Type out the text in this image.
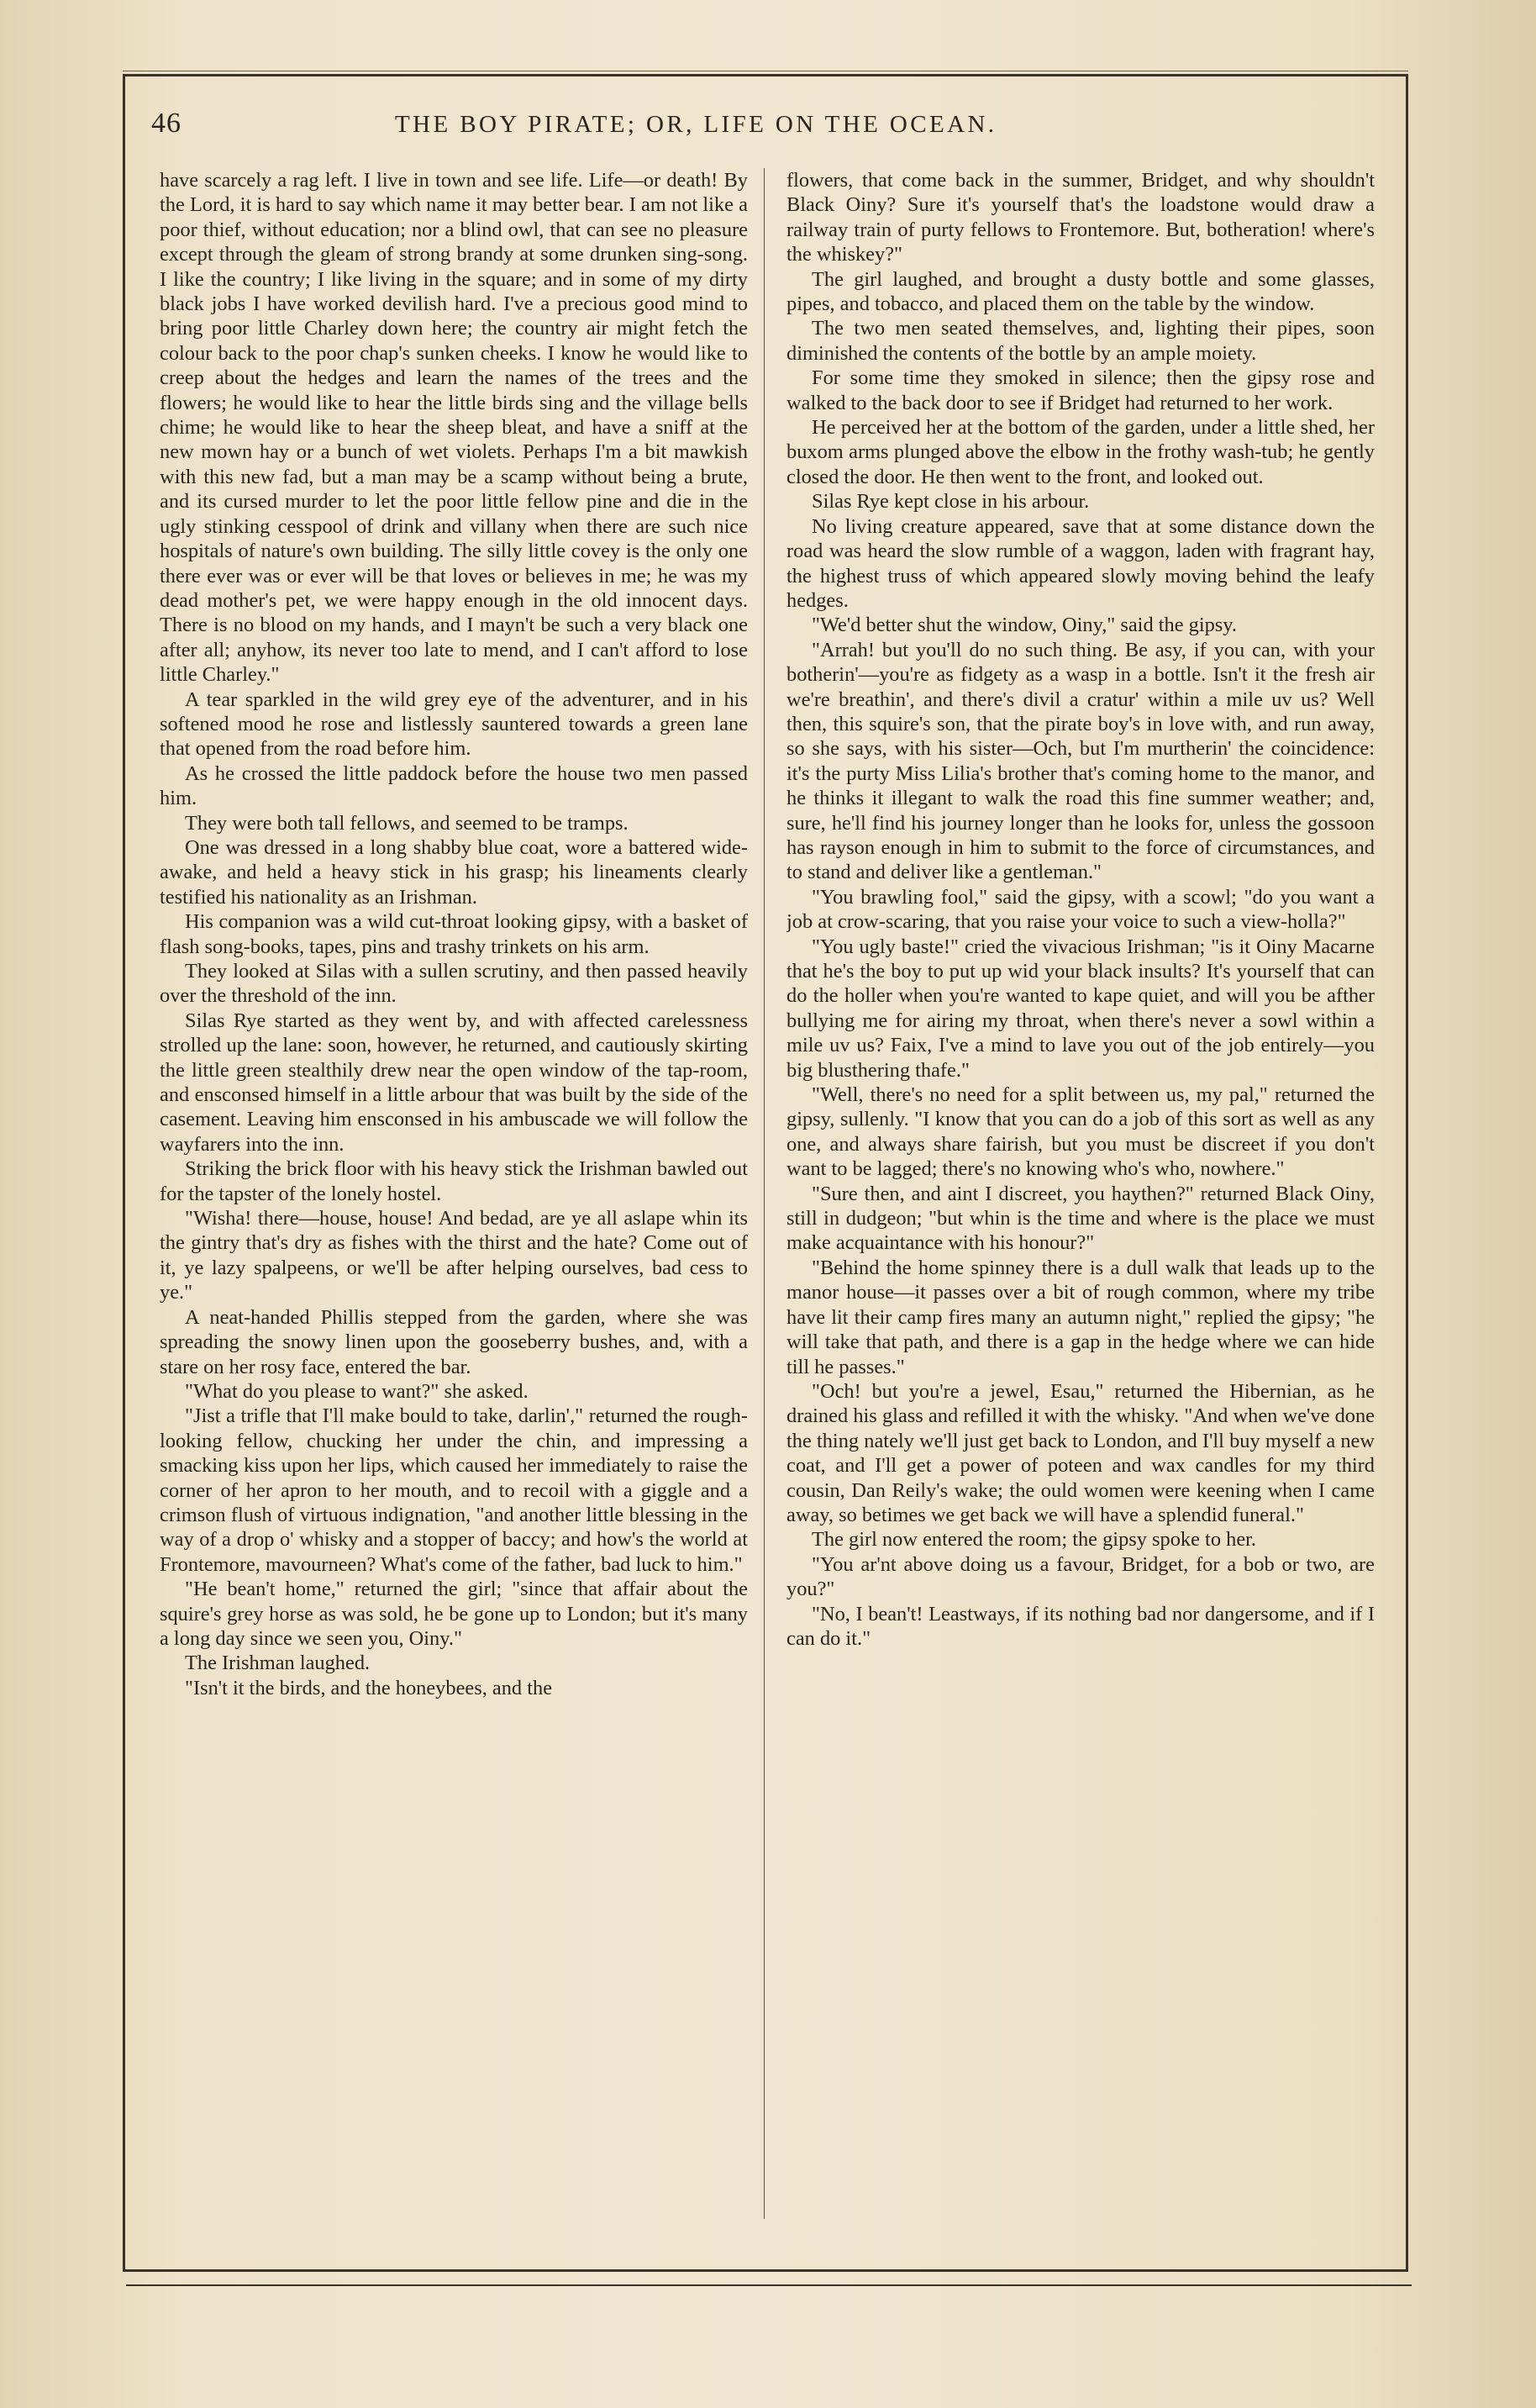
46	THE BOY PIRATE; OR, LIFE ON THE OCEAN.

have scarcely a rag left. I live in town and see life. Life—or death! By the Lord, it is hard to say which name it may better bear. I am not like a poor thief, without education; nor a blind owl, that can see no pleasure except through the gleam of strong brandy at some drunken sing-song. I like the country; I like living in the square; and in some of my dirty black jobs I have worked devilish hard. I've a precious good mind to bring poor little Charley down here; the country air might fetch the colour back to the poor chap's sunken cheeks. I know he would like to creep about the hedges and learn the names of the trees and the flowers; he would like to hear the little birds sing and the village bells chime; he would like to hear the sheep bleat, and have a sniff at the new mown hay or a bunch of wet violets. Perhaps I'm a bit mawkish with this new fad, but a man may be a scamp without being a brute, and its cursed murder to let the poor little fellow pine and die in the ugly stinking cesspool of drink and villany when there are such nice hospitals of nature's own building. The silly little covey is the only one there ever was or ever will be that loves or believes in me; he was my dead mother's pet, we were happy enough in the old innocent days. There is no blood on my hands, and I mayn't be such a very black one after all; anyhow, its never too late to mend, and I can't afford to lose little Charley."

A tear sparkled in the wild grey eye of the adventurer, and in his softened mood he rose and listlessly sauntered towards a green lane that opened from the road before him.

As he crossed the little paddock before the house two men passed him.

They were both tall fellows, and seemed to be tramps.

One was dressed in a long shabby blue coat, wore a battered wide-awake, and held a heavy stick in his grasp; his lineaments clearly testified his nationality as an Irishman.

His companion was a wild cut-throat looking gipsy, with a basket of flash song-books, tapes, pins and trashy trinkets on his arm.

They looked at Silas with a sullen scrutiny, and then passed heavily over the threshold of the inn.

Silas Rye started as they went by, and with affected carelessness strolled up the lane: soon, however, he returned, and cautiously skirting the little green stealthily drew near the open window of the tap-room, and ensconsed himself in a little arbour that was built by the side of the casement. Leaving him ensconsed in his ambuscade we will follow the wayfarers into the inn.

Striking the brick floor with his heavy stick the Irishman bawled out for the tapster of the lonely hostel.

"Wisha! there—house, house! And bedad, are ye all aslape whin its the gintry that's dry as fishes with the thirst and the hate? Come out of it, ye lazy spalpeens, or we'll be after helping ourselves, bad cess to ye."

A neat-handed Phillis stepped from the garden, where she was spreading the snowy linen upon the gooseberry bushes, and, with a stare on her rosy face, entered the bar.

"What do you please to want?" she asked.

"Jist a trifle that I'll make bould to take, darlin'," returned the rough-looking fellow, chucking her under the chin, and impressing a smacking kiss upon her lips, which caused her immediately to raise the corner of her apron to her mouth, and to recoil with a giggle and a crimson flush of virtuous indignation, "and another little blessing in the way of a drop o' whisky and a stopper of baccy; and how's the world at Frontemore, mavourneen? What's come of the father, bad luck to him."

"He bean't home," returned the girl; "since that affair about the squire's grey horse as was sold, he be gone up to London; but it's many a long day since we seen you, Oiny."

The Irishman laughed.

"Isn't it the birds, and the honeybees, and the

flowers, that come back in the summer, Bridget, and why shouldn't Black Oiny? Sure it's yourself that's the loadstone would draw a railway train of purty fellows to Frontemore. But, botheration! where's the whiskey?"

The girl laughed, and brought a dusty bottle and some glasses, pipes, and tobacco, and placed them on the table by the window.

The two men seated themselves, and, lighting their pipes, soon diminished the contents of the bottle by an ample moiety.

For some time they smoked in silence; then the gipsy rose and walked to the back door to see if Bridget had returned to her work.

He perceived her at the bottom of the garden, under a little shed, her buxom arms plunged above the elbow in the frothy wash-tub; he gently closed the door. He then went to the front, and looked out.

Silas Rye kept close in his arbour.

No living creature appeared, save that at some distance down the road was heard the slow rumble of a waggon, laden with fragrant hay, the highest truss of which appeared slowly moving behind the leafy hedges.

"We'd better shut the window, Oiny," said the gipsy.

"Arrah! but you'll do no such thing. Be asy, if you can, with your botherin'—you're as fidgety as a wasp in a bottle. Isn't it the fresh air we're breathin', and there's divil a cratur' within a mile uv us? Well then, this squire's son, that the pirate boy's in love with, and run away, so she says, with his sister—Och, but I'm murtherin' the coincidence: it's the purty Miss Lilia's brother that's coming home to the manor, and he thinks it illegant to walk the road this fine summer weather; and, sure, he'll find his journey longer than he looks for, unless the gossoon has rayson enough in him to submit to the force of circumstances, and to stand and deliver like a gentleman."

"You brawling fool," said the gipsy, with a scowl; "do you want a job at crow-scaring, that you raise your voice to such a view-holla?"

"You ugly baste!" cried the vivacious Irishman; "is it Oiny Macarne that he's the boy to put up wid your black insults? It's yourself that can do the holler when you're wanted to kape quiet, and will you be afther bullying me for airing my throat, when there's never a sowl within a mile uv us? Faix, I've a mind to lave you out of the job entirely—you big blusthering thafe."

"Well, there's no need for a split between us, my pal," returned the gipsy, sullenly. "I know that you can do a job of this sort as well as any one, and always share fairish, but you must be discreet if you don't want to be lagged; there's no knowing who's who, nowhere."

"Sure then, and aint I discreet, you haythen?" returned Black Oiny, still in dudgeon; "but whin is the time and where is the place we must make acquaintance with his honour?"

"Behind the home spinney there is a dull walk that leads up to the manor house—it passes over a bit of rough common, where my tribe have lit their camp fires many an autumn night," replied the gipsy; "he will take that path, and there is a gap in the hedge where we can hide till he passes."

"Och! but you're a jewel, Esau," returned the Hibernian, as he drained his glass and refilled it with the whisky. "And when we've done the thing nately we'll just get back to London, and I'll buy myself a new coat, and I'll get a power of poteen and wax candles for my third cousin, Dan Reily's wake; the ould women were keening when I came away, so betimes we get back we will have a splendid funeral."

The girl now entered the room; the gipsy spoke to her.

"You ar'nt above doing us a favour, Bridget, for a bob or two, are you?"

"No, I bean't! Leastways, if its nothing bad nor dangersome, and if I can do it."
